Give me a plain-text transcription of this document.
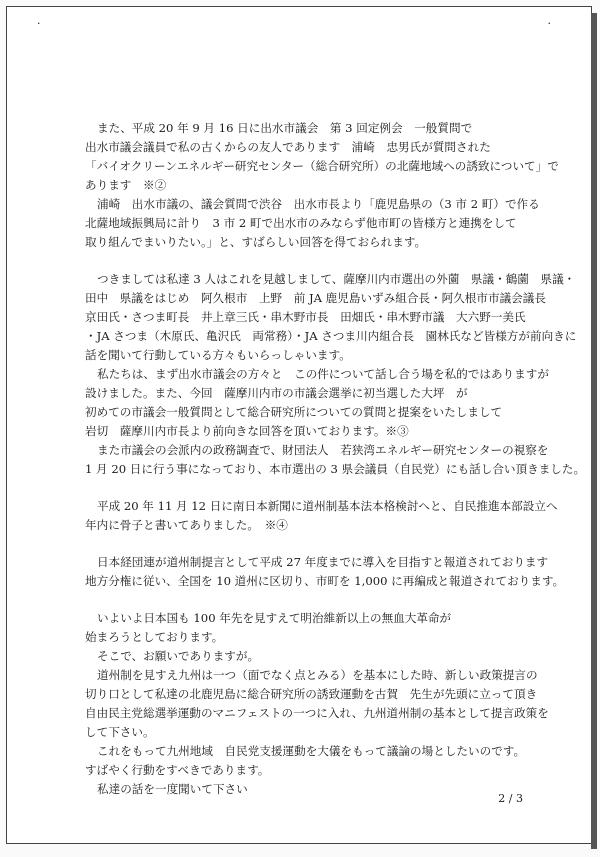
·	·
また、平成 20 年 9 月 16 日に出水市議会　第 3 回定例会　一般質問で
出水市議会議員で私の古くからの友人であります　浦崎　忠男氏が質問された
「バイオクリーンエネルギー研究センター（総合研究所）の北薩地域への誘致について」で
あります　※②
浦崎　出水市議の、議会質問で渋谷　出水市長より「鹿児島県の（3 市 2 町）で作る
北薩地域振興局に計り　3 市 2 町で出水市のみならず他市町の皆様方と連携をして
取り組んでまいりたい。」と、すばらしい回答を得ておられます。
つきましては私達 3 人はこれを見越しまして、薩摩川内市選出の外薗　県議・鶴薗　県議・
田中　県議をはじめ　阿久根市　上野　前 JA 鹿児島いずみ組合長・阿久根市市議会議長
京田氏・さつま町長　井上章三氏・串木野市長　田畑氏・串木野市議　大六野一美氏
・JA さつま（木原氏、亀沢氏　両常務）・JA さつま川内組合長　園林氏など皆様方が前向きに
話を聞いて行動している方々もいらっしゃいます。
私たちは、まず出水市議会の方々と　この件について話し合う場を私的ではありますが
設けました。また、今回　薩摩川内市の市議会選挙に初当選した大坪　が
初めての市議会一般質問として総合研究所についての質問と提案をいたしまして
岩切　薩摩川内市長より前向きな回答を頂いております。※③
また市議会の会派内の政務調査で、財団法人　若狭湾エネルギー研究センターの視察を
1 月 20 日に行う事になっており、本市選出の 3 県会議員（自民党）にも話し合い頂きました。
平成 20 年 11 月 12 日に南日本新聞に道州制基本法本格検討へと、自民推進本部設立へ
年内に骨子と書いてありました。　※④
日本経団連が道州制提言として平成 27 年度までに導入を目指すと報道されております
地方分権に従い、全国を 10 道州に区切り、市町を 1,000 に再編成と報道されております。
いよいよ日本国も 100 年先を見すえて明治維新以上の無血大革命が
始まろうとしております。
そこで、お願いでありますが。
道州制を見すえ九州は一つ（面でなく点とみる）を基本にした時、新しい政策提言の
切り口として私達の北鹿児島に総合研究所の誘致運動を古賀　先生が先頭に立って頂き
自由民主党総選挙運動のマニフェストの一つに入れ、九州道州制の基本として提言政策を
して下さい。
これをもって九州地域　自民党支援運動を大儀をもって議論の場としたいのです。
すばやく行動をすべきであります。
私達の話を一度聞いて下さい
2 / 3
